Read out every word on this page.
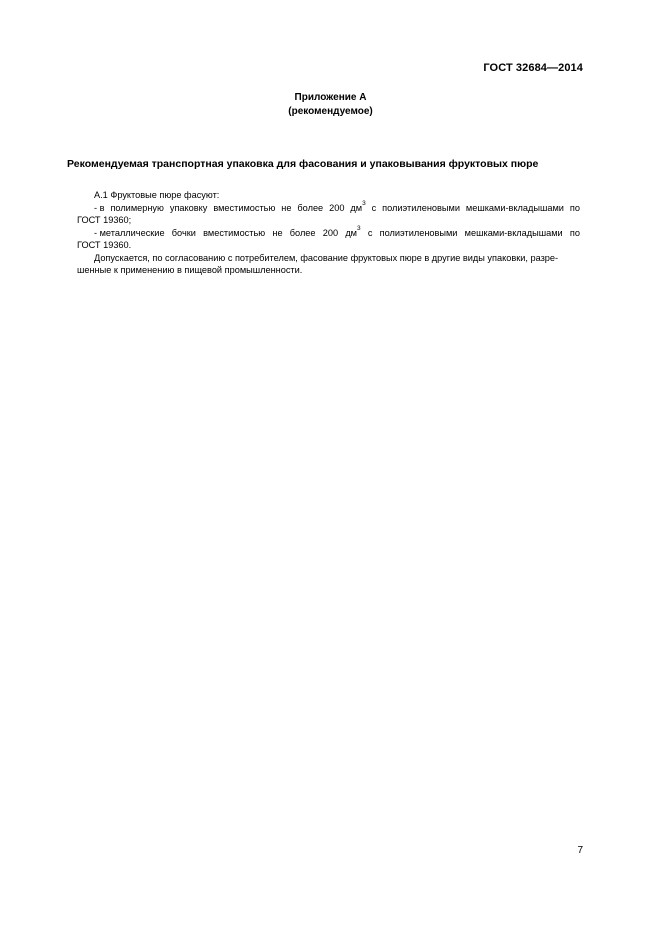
ГОСТ 32684—2014
Приложение А
(рекомендуемое)
Рекомендуемая транспортная упаковка для фасования и упаковывания фруктовых пюре

А.1 Фруктовые пюре фасуют:

- в полимерную упаковку вместимостью не более 200 $дм^3$ с полиэтиленовыми мешками-вкладышами по
ГОСТ 19360;
- металлические бочки вместимостью не более 200 $дм^3$ с полиэтиленовыми мешками-вкладышами по
ГОСТ 19360.
Допускается, по согласованию с потребителем, фасование фруктовых пюре в другие виды упаковки, разре-
шенные к применению в пищевой промышленности.
7
